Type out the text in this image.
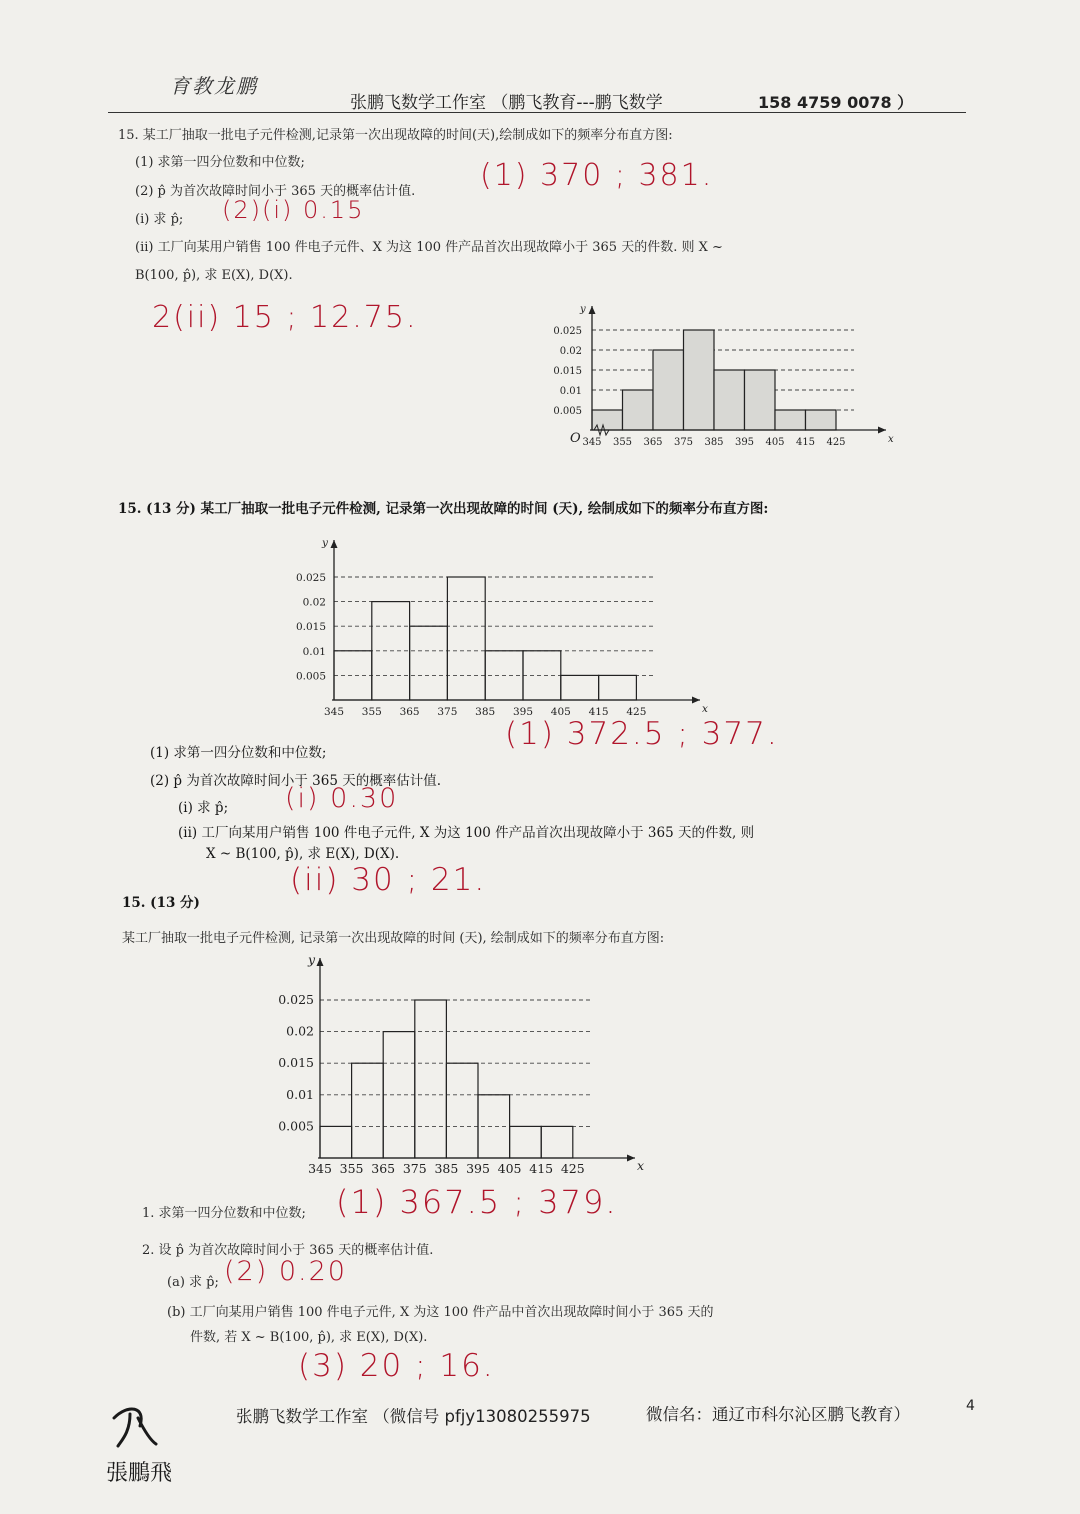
育教龙鹏
张鹏飞数学工作室 （鹏飞教育---鹏飞数学	158 4759 0078 ）
15. 某工厂抽取一批电子元件检测,记录第一次出现故障的时间(天),绘制成如下的频率分布直方图:
(1) 求第一四分位数和中位数;
(2) p̂ 为首次故障时间小于 365 天的概率估计值.
(i) 求 p̂;
(ii) 工厂向某用户销售 100 件电子元件、X 为这 100 件产品首次出现故障小于 365 天的件数. 则 X ~
B(100, p̂), 求 E(X), D(X).
(1) 370 ; 381.
(2)(i) 0.15
2(ii) 15 ; 12.75.	0.025
0.02
0.015
0.01
0.005
x
y
O 345 355 365 375 385 395 405 415 425
15. (13 分) 某工厂抽取一批电子元件检测, 记录第一次出现故障的时间 (天), 绘制成如下的频率分布直方图:
0.025
0.02
0.015
0.01
0.005
x
y
345 355 365 375 385 395 405 415 425
(1) 求第一四分位数和中位数;
(2) p̂ 为首次故障时间小于 365 天的概率估计值.
(i) 求 p̂;
(ii) 工厂向某用户销售 100 件电子元件, X 为这 100 件产品首次出现故障小于 365 天的件数, 则
X ~ B(100, p̂), 求 E(X), D(X).
(1) 372.5 ; 377.
(i) 0.30
(ii) 30 ; 21.
15. (13 分)
某工厂抽取一批电子元件检测, 记录第一次出现故障的时间 (天), 绘制成如下的频率分布直方图:
0.025
0.02
0.015
0.01
0.005
x
y
345 355 365 375 385 395 405 415 425
1. 求第一四分位数和中位数;
2. 设 p̂ 为首次故障时间小于 365 天的概率估计值.
(a) 求 p̂;
(b) 工厂向某用户销售 100 件电子元件, X 为这 100 件产品中首次出现故障时间小于 365 天的
件数, 若 X ~ B(100, p̂), 求 E(X), D(X).
(1) 367.5 ; 379.
(2) 0.20
(3) 20 ; 16.
張鵬飛
张鹏飞数学工作室 （微信号 pfjy13080255975	微信名：通辽市科尔沁区鹏飞教育）	4
